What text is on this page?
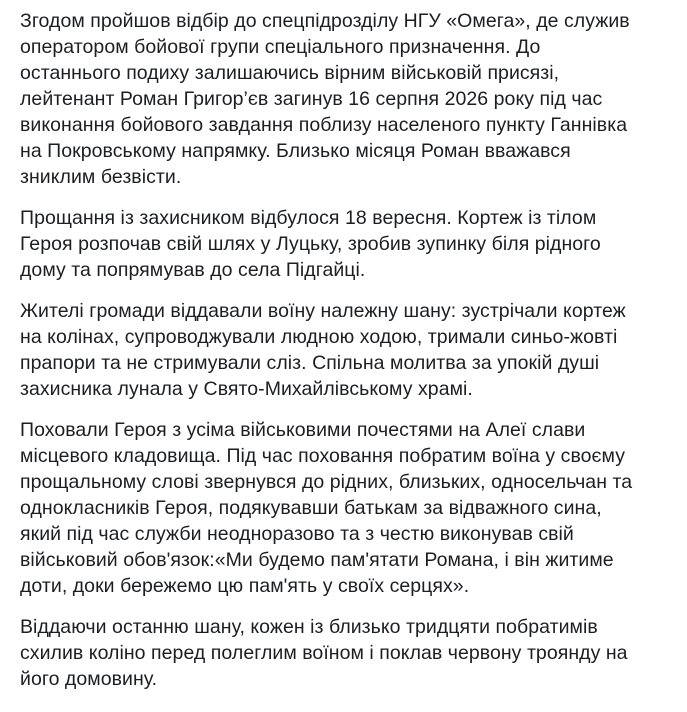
Згодом пройшов відбір до спецпідрозділу НГУ «Омега», де служив
оператором бойової групи спеціального призначення. До
останнього подиху залишаючись вірним військовій присязі,
лейтенант Роман Григор’єв загинув 16 серпня 2026 року під час
виконання бойового завдання поблизу населеного пункту Ганнівка
на Покровському напрямку. Близько місяця Роман вважався
зниклим безвісти.

Прощання із захисником відбулося 18 вересня. Кортеж із тілом
Героя розпочав свій шлях у Луцьку, зробив зупинку біля рідного
дому та попрямував до села Підгайці.

Жителі громади віддавали воїну належну шану: зустрічали кортеж
на колінах, супроводжували людною ходою, тримали синьо-жовті
прапори та не стримували сліз. Спільна молитва за упокій душі
захисника лунала у Свято-Михайлівському храмі.

Поховали Героя з усіма військовими почестями на Алеї слави
місцевого кладовища. Під час поховання побратим воїна у своєму
прощальному слові звернувся до рідних, близьких, односельчан та
однокласників Героя, подякувавши батькам за відважного сина,
який під час служби неодноразово та з честю виконував свій
військовий обов'язок:«Ми будемо пам'ятати Романа, і він житиме
доти, доки бережемо цю пам'ять у своїх серцях».

Віддаючи останню шану, кожен із близько тридцяти побратимів
схилив коліно перед полеглим воїном і поклав червону троянду на
його домовину.
